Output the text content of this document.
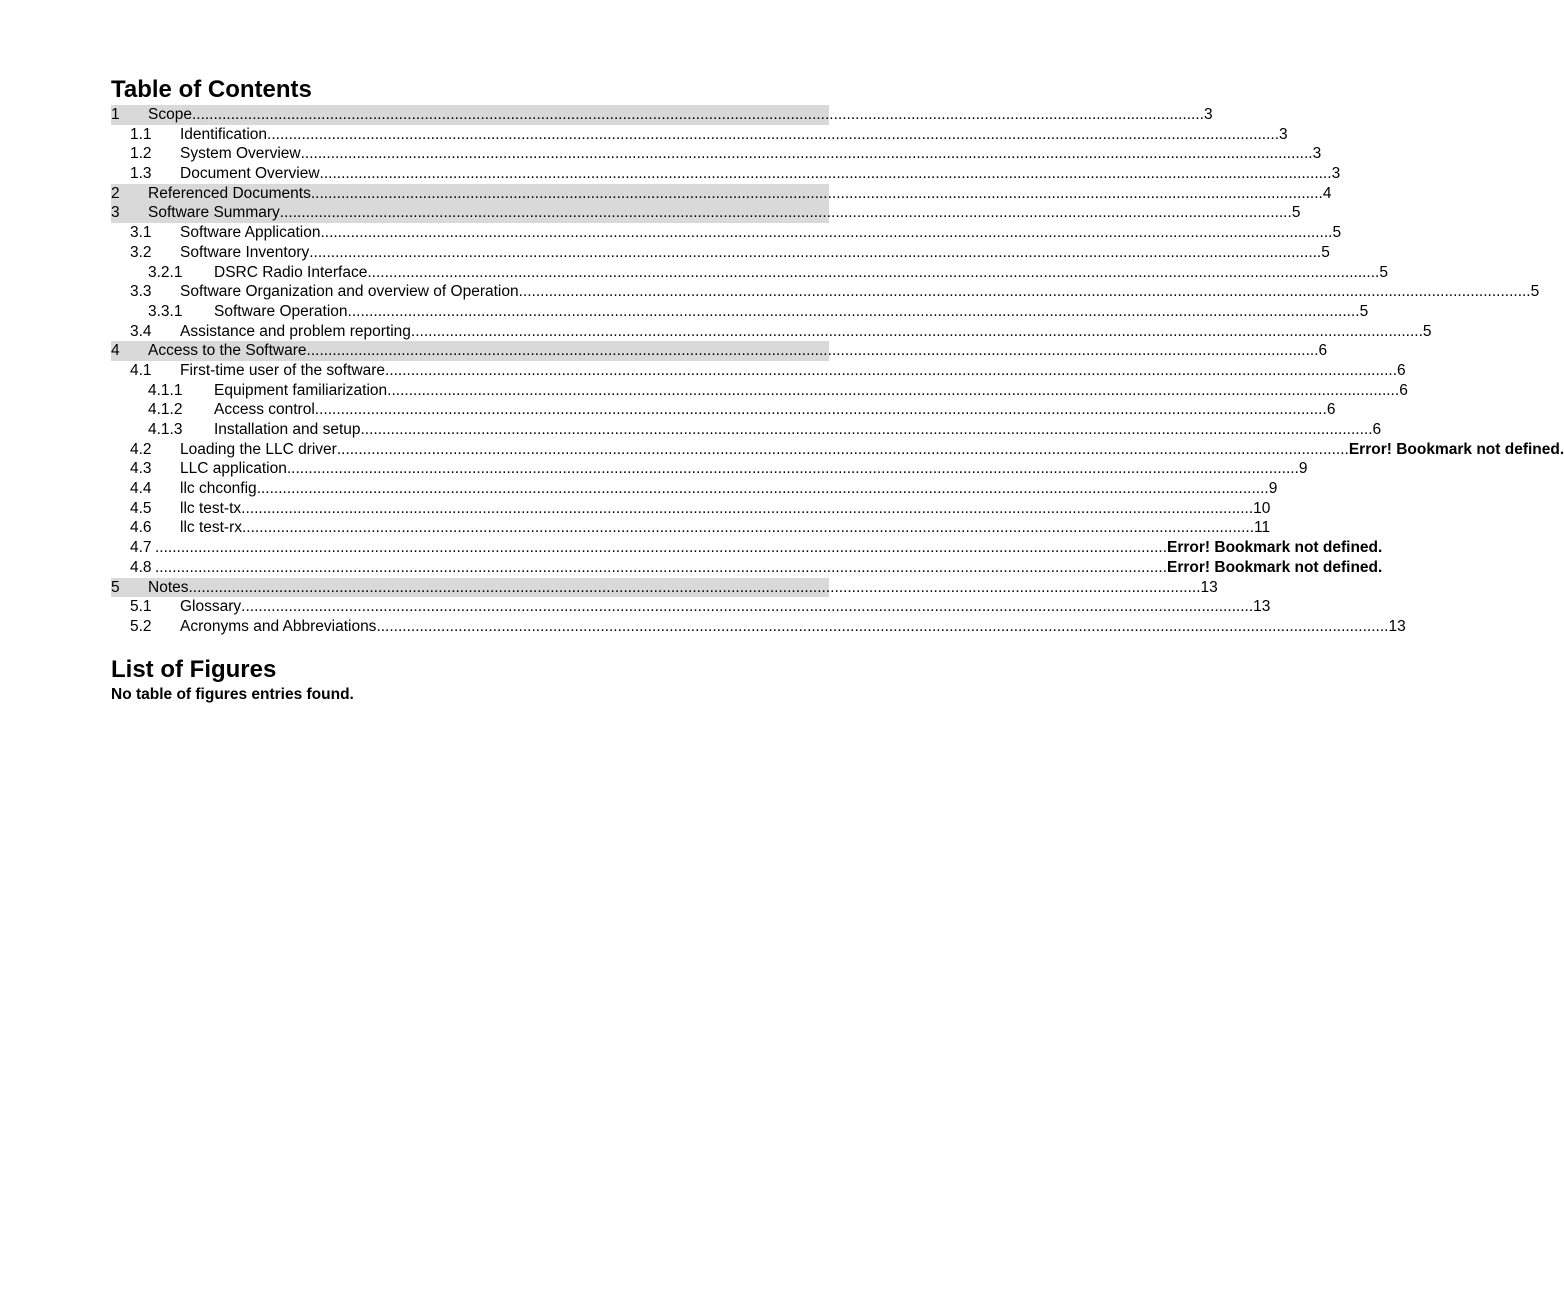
Table of Contents
1 Scope ........................................................................................................................................................................................................................................... 3
1.1 Identification ........................................................................................................................................................................................................................................... 3
1.2 System Overview ........................................................................................................................................................................................................................................... 3
1.3 Document Overview ........................................................................................................................................................................................................................................... 3
2 Referenced Documents ........................................................................................................................................................................................................................................... 4
3 Software Summary ........................................................................................................................................................................................................................................... 5
3.1 Software Application ........................................................................................................................................................................................................................................... 5
3.2 Software Inventory ........................................................................................................................................................................................................................................... 5
3.2.1 DSRC Radio Interface ........................................................................................................................................................................................................................................... 5
3.3 Software Organization and overview of Operation ........................................................................................................................................................................................................................................... 5
3.3.1 Software Operation ........................................................................................................................................................................................................................................... 5
3.4 Assistance and problem reporting ........................................................................................................................................................................................................................................... 5
4 Access to the Software ........................................................................................................................................................................................................................................... 6
4.1 First-time user of the software ........................................................................................................................................................................................................................................... 6
4.1.1 Equipment familiarization ........................................................................................................................................................................................................................................... 6
4.1.2 Access control ........................................................................................................................................................................................................................................... 6
4.1.3 Installation and setup ........................................................................................................................................................................................................................................... 6
4.2 Loading the LLC driver ........................................................................................................................................................................................................................................... Error! Bookmark not defined.
4.3 LLC application ........................................................................................................................................................................................................................................... 9
4.4 llc chconfig ........................................................................................................................................................................................................................................... 9
4.5 llc test-tx ........................................................................................................................................................................................................................................... 10
4.6 llc test-rx ........................................................................................................................................................................................................................................... 11
4.7 ........................................................................................................................................................................................................................................... Error! Bookmark not defined.
4.8 ........................................................................................................................................................................................................................................... Error! Bookmark not defined.
5 Notes ........................................................................................................................................................................................................................................... 13
5.1 Glossary ........................................................................................................................................................................................................................................... 13
5.2 Acronyms and Abbreviations ........................................................................................................................................................................................................................................... 13
List of Figures

No table of figures entries found.
